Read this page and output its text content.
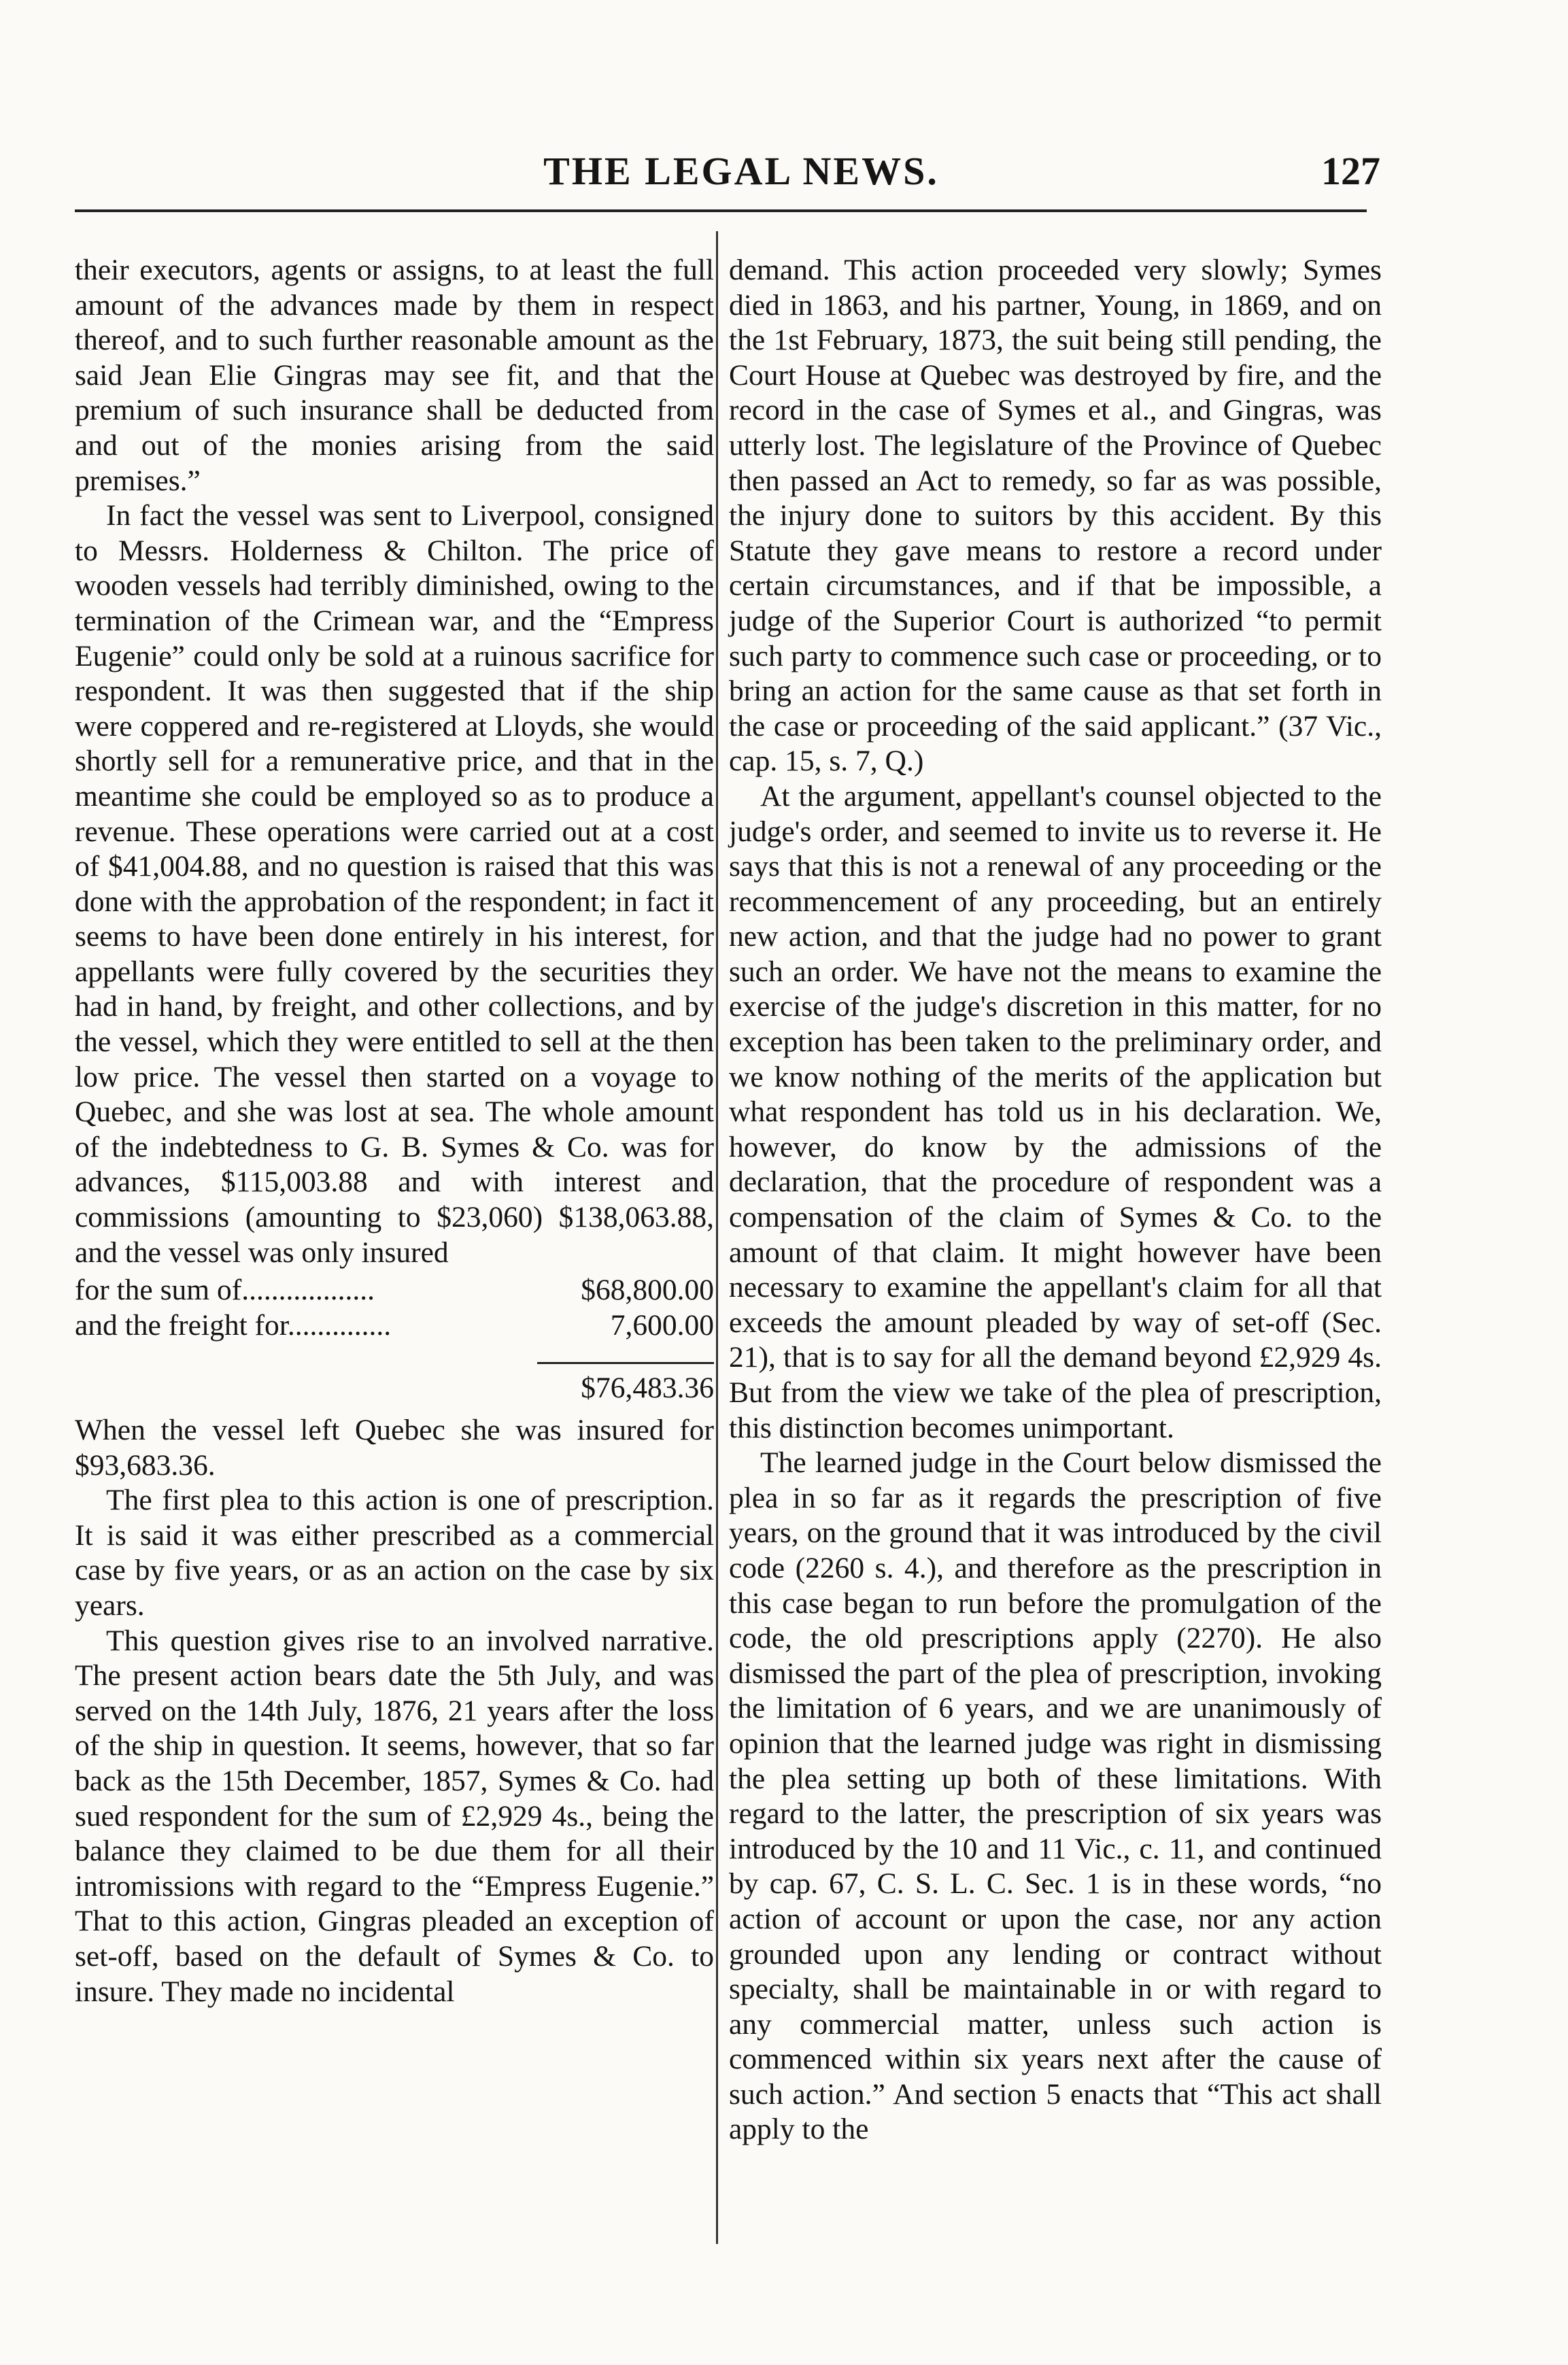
THE LEGAL NEWS.	127

their executors, agents or assigns, to at least the full amount of the advances made by them in respect thereof, and to such further reasonable amount as the said Jean Elie Gingras may see fit, and that the premium of such insurance shall be deducted from and out of the monies arising from the said premises.”

In fact the vessel was sent to Liverpool, consigned to Messrs. Holderness & Chilton. The price of wooden vessels had terribly diminished, owing to the termination of the Crimean war, and the “Empress Eugenie” could only be sold at a ruinous sacrifice for respondent. It was then suggested that if the ship were coppered and re-registered at Lloyds, she would shortly sell for a remunerative price, and that in the meantime she could be employed so as to produce a revenue. These operations were carried out at a cost of $41,004.88, and no question is raised that this was done with the approbation of the respondent; in fact it seems to have been done entirely in his interest, for appellants were fully covered by the securities they had in hand, by freight, and other collections, and by the vessel, which they were entitled to sell at the then low price. The vessel then started on a voyage to Quebec, and she was lost at sea. The whole amount of the indebtedness to G. B. Symes & Co. was for advances, $115,003.88 and with interest and commissions (amounting to $23,060) $138,063.88, and the vessel was only insured

for the sum of..................	$68,800.00
and the freight for..............	7,600.00
$76,483.36

When the vessel left Quebec she was insured for $93,683.36.

The first plea to this action is one of prescription. It is said it was either prescribed as a commercial case by five years, or as an action on the case by six years.

This question gives rise to an involved narrative. The present action bears date the 5th July, and was served on the 14th July, 1876, 21 years after the loss of the ship in question. It seems, however, that so far back as the 15th December, 1857, Symes & Co. had sued respondent for the sum of £2,929 4s., being the balance they claimed to be due them for all their intromissions with regard to the “Empress Eugenie.” That to this action, Gingras pleaded an exception of set-off, based on the default of Symes & Co. to insure. They made no incidental

demand. This action proceeded very slowly; Symes died in 1863, and his partner, Young, in 1869, and on the 1st February, 1873, the suit being still pending, the Court House at Quebec was destroyed by fire, and the record in the case of Symes et al., and Gingras, was utterly lost. The legislature of the Province of Quebec then passed an Act to remedy, so far as was possible, the injury done to suitors by this accident. By this Statute they gave means to restore a record under certain circumstances, and if that be impossible, a judge of the Superior Court is authorized “to permit such party to commence such case or proceeding, or to bring an action for the same cause as that set forth in the case or proceeding of the said applicant.” (37 Vic., cap. 15, s. 7, Q.)

At the argument, appellant's counsel objected to the judge's order, and seemed to invite us to reverse it. He says that this is not a renewal of any proceeding or the recommencement of any proceeding, but an entirely new action, and that the judge had no power to grant such an order. We have not the means to examine the exercise of the judge's discretion in this matter, for no exception has been taken to the preliminary order, and we know nothing of the merits of the application but what respondent has told us in his declaration. We, however, do know by the admissions of the declaration, that the procedure of respondent was a compensation of the claim of Symes & Co. to the amount of that claim. It might however have been necessary to examine the appellant's claim for all that exceeds the amount pleaded by way of set-off (Sec. 21), that is to say for all the demand beyond £2,929 4s. But from the view we take of the plea of prescription, this distinction becomes unimportant.

The learned judge in the Court below dismissed the plea in so far as it regards the prescription of five years, on the ground that it was introduced by the civil code (2260 s. 4.), and therefore as the prescription in this case began to run before the promulgation of the code, the old prescriptions apply (2270). He also dismissed the part of the plea of prescription, invoking the limitation of 6 years, and we are unanimously of opinion that the learned judge was right in dismissing the plea setting up both of these limitations. With regard to the latter, the prescription of six years was introduced by the 10 and 11 Vic., c. 11, and continued by cap. 67, C. S. L. C. Sec. 1 is in these words, “no action of account or upon the case, nor any action grounded upon any lending or contract without specialty, shall be maintainable in or with regard to any commercial matter, unless such action is commenced within six years next after the cause of such action.” And section 5 enacts that “This act shall apply to the
